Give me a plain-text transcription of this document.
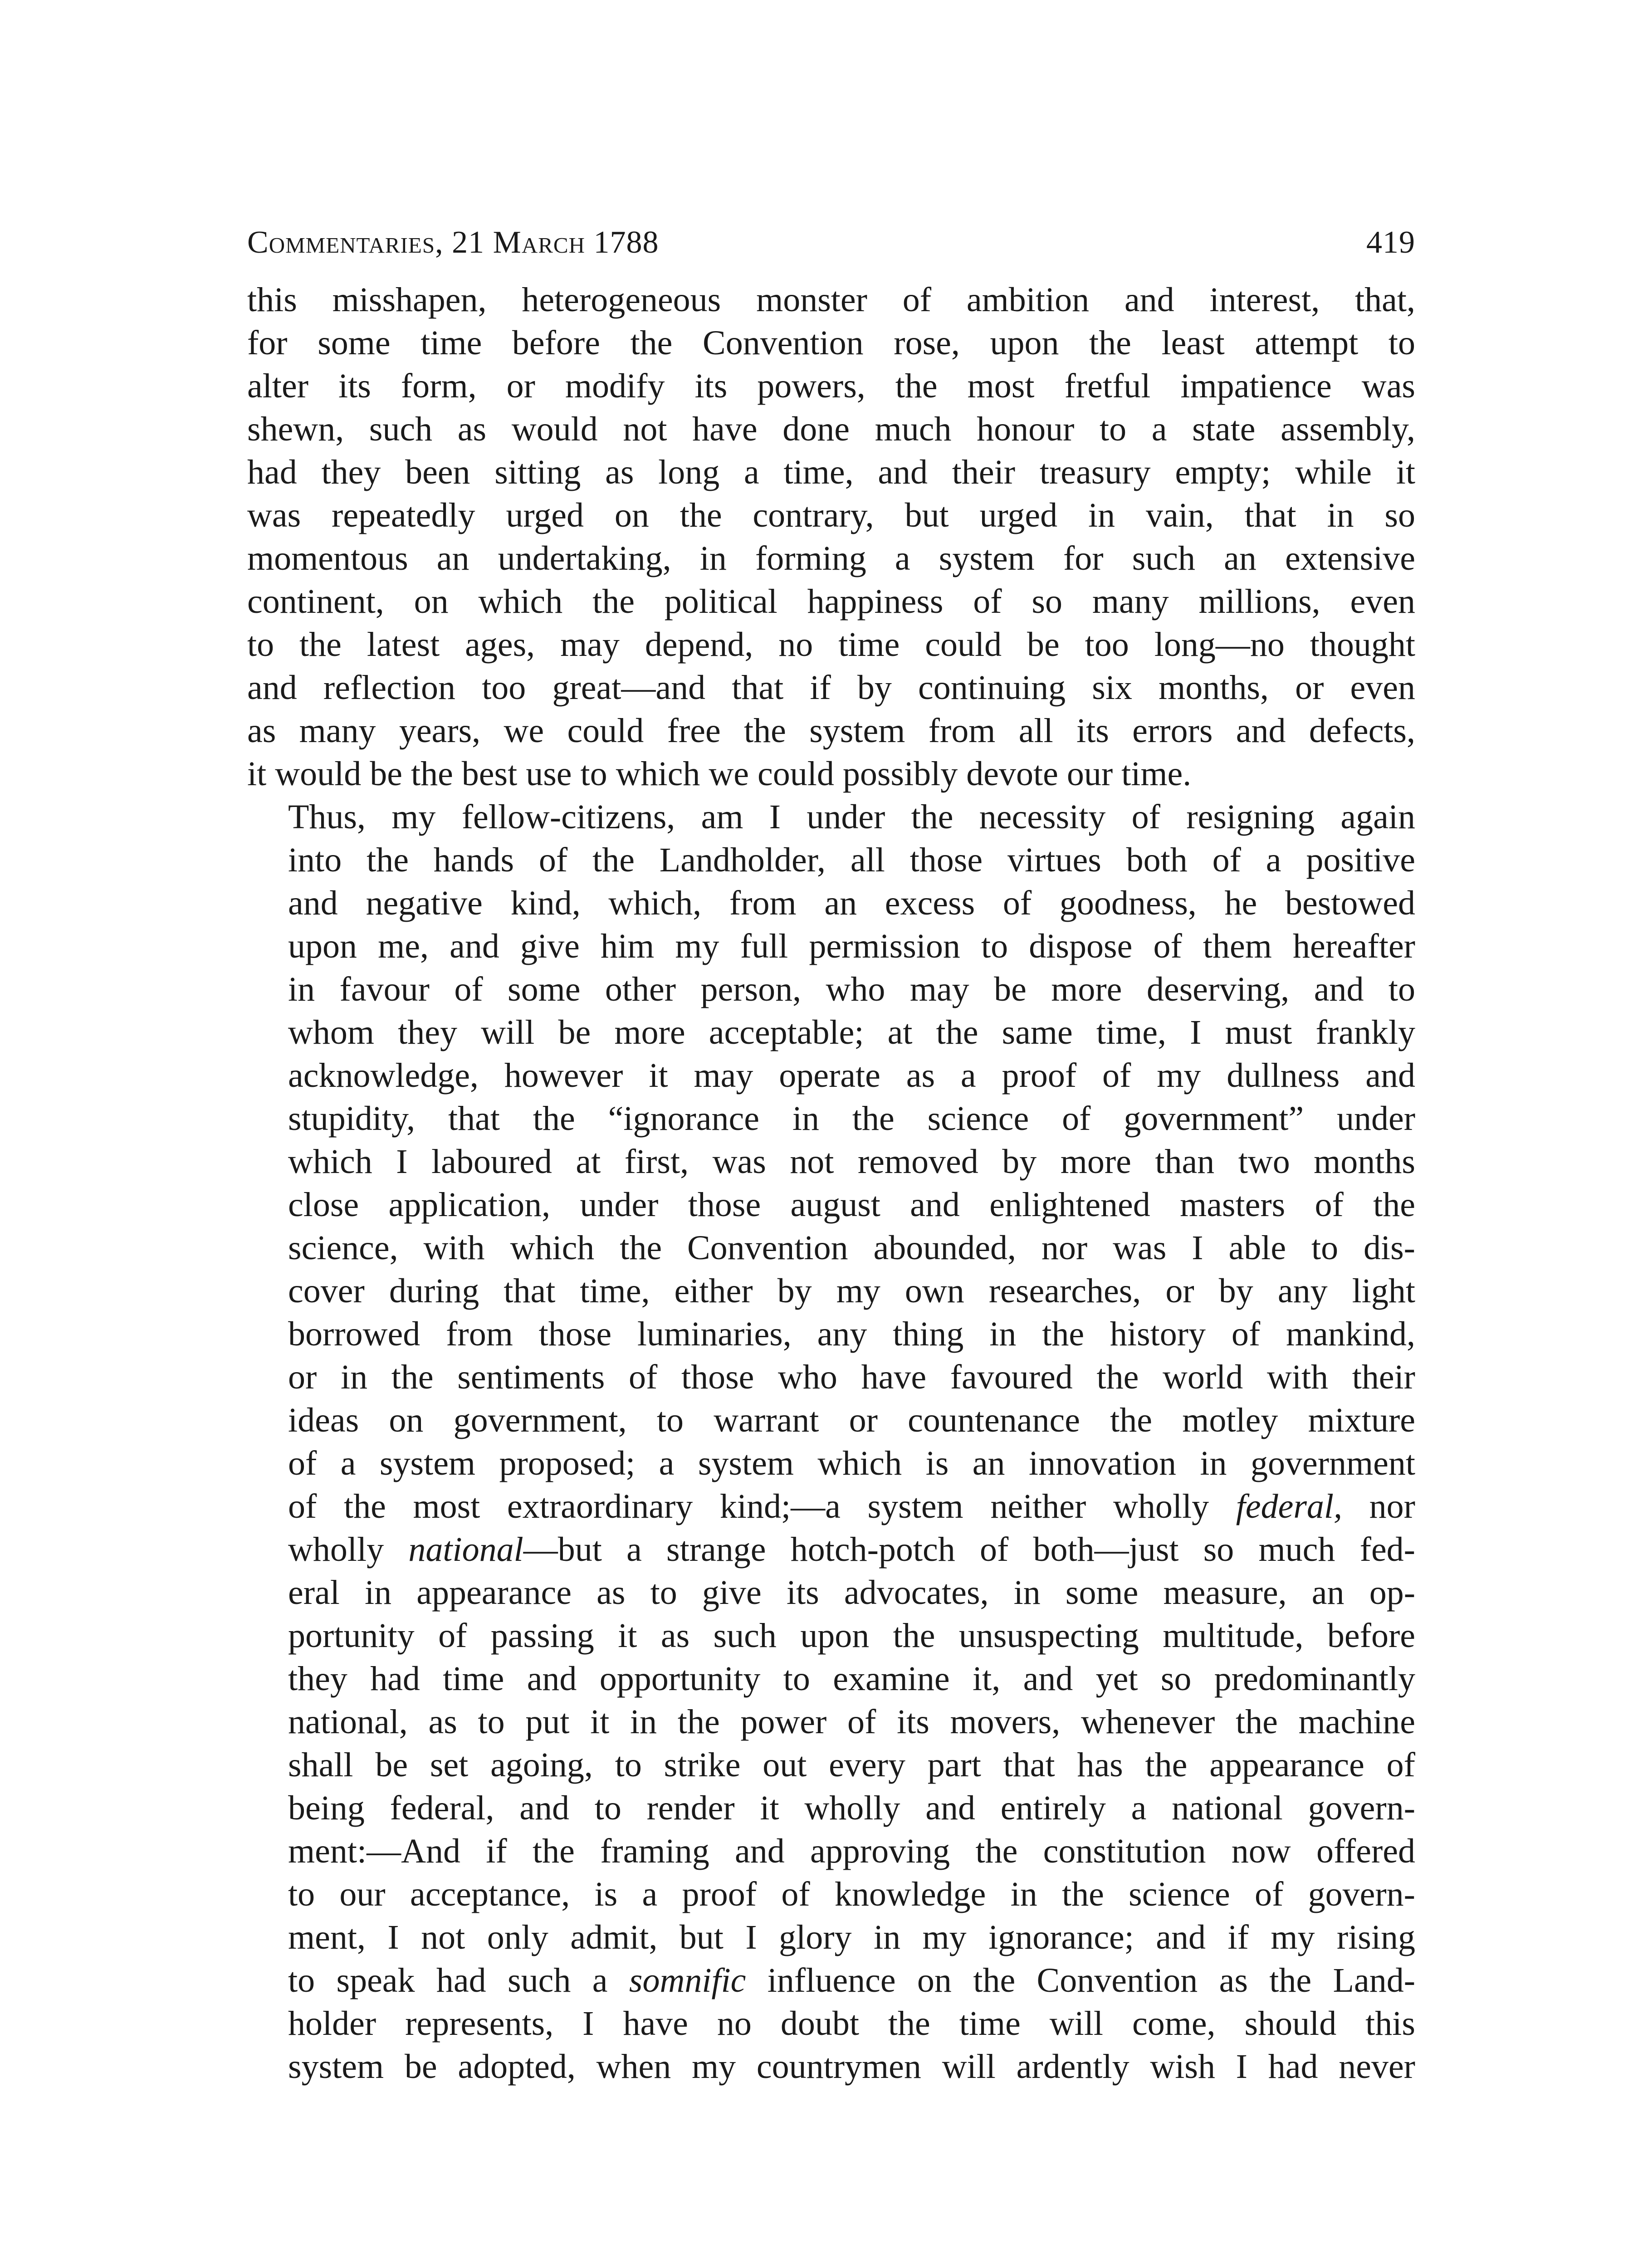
Commentaries, 21 March 1788	419

this misshapen, heterogeneous monster of ambition and interest, that,
for some time before the Convention rose, upon the least attempt to
alter its form, or modify its powers, the most fretful impatience was
shewn, such as would not have done much honour to a state assembly,
had they been sitting as long a time, and their treasury empty; while it
was repeatedly urged on the contrary, but urged in vain, that in so
momentous an undertaking, in forming a system for such an extensive
continent, on which the political happiness of so many millions, even
to the latest ages, may depend, no time could be too long—no thought
and reflection too great—and that if by continuing six months, or even
as many years, we could free the system from all its errors and defects,
it would be the best use to which we could possibly devote our time.

Thus, my fellow-citizens, am I under the necessity of resigning again
into the hands of the Landholder, all those virtues both of a positive
and negative kind, which, from an excess of goodness, he bestowed
upon me, and give him my full permission to dispose of them hereafter
in favour of some other person, who may be more deserving, and to
whom they will be more acceptable; at the same time, I must frankly
acknowledge, however it may operate as a proof of my dullness and
stupidity, that the “ignorance in the science of government” under
which I laboured at first, was not removed by more than two months
close application, under those august and enlightened masters of the
science, with which the Convention abounded, nor was I able to dis-
cover during that time, either by my own researches, or by any light
borrowed from those luminaries, any thing in the history of mankind,
or in the sentiments of those who have favoured the world with their
ideas on government, to warrant or countenance the motley mixture
of a system proposed; a system which is an innovation in government
of the most extraordinary kind;—a system neither wholly federal, nor
wholly national—but a strange hotch-potch of both—just so much fed-
eral in appearance as to give its advocates, in some measure, an op-
portunity of passing it as such upon the unsuspecting multitude, before
they had time and opportunity to examine it, and yet so predominantly
national, as to put it in the power of its movers, whenever the machine
shall be set agoing, to strike out every part that has the appearance of
being federal, and to render it wholly and entirely a national govern-
ment:—And if the framing and approving the constitution now offered
to our acceptance, is a proof of knowledge in the science of govern-
ment, I not only admit, but I glory in my ignorance; and if my rising
to speak had such a somnific influence on the Convention as the Land-
holder represents, I have no doubt the time will come, should this
system be adopted, when my countrymen will ardently wish I had never
